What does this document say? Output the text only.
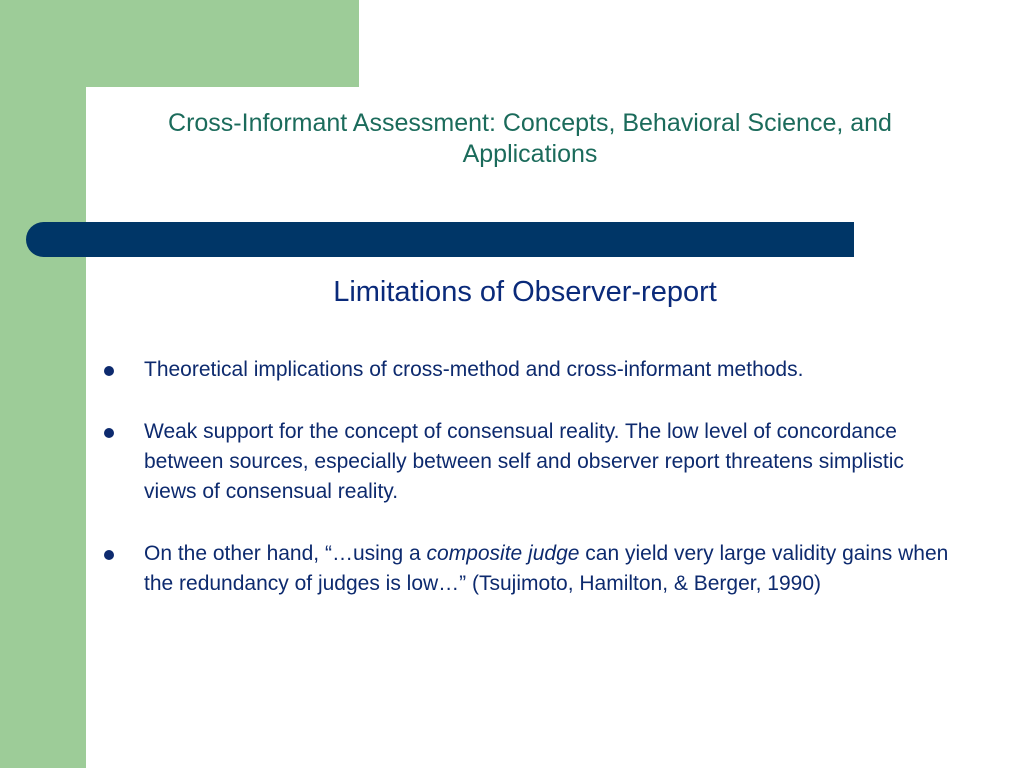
Cross-Informant Assessment: Concepts, Behavioral Science, and
Applications
Limitations of Observer-report
Theoretical implications of cross-method and cross-informant methods.
Weak support for the concept of consensual reality. The low level of concordance between sources, especially between self and observer report threatens simplistic views of consensual reality.
On the other hand, “…using a composite judge can yield very large validity gains when the redundancy of judges is low…” (Tsujimoto, Hamilton, & Berger, 1990)
